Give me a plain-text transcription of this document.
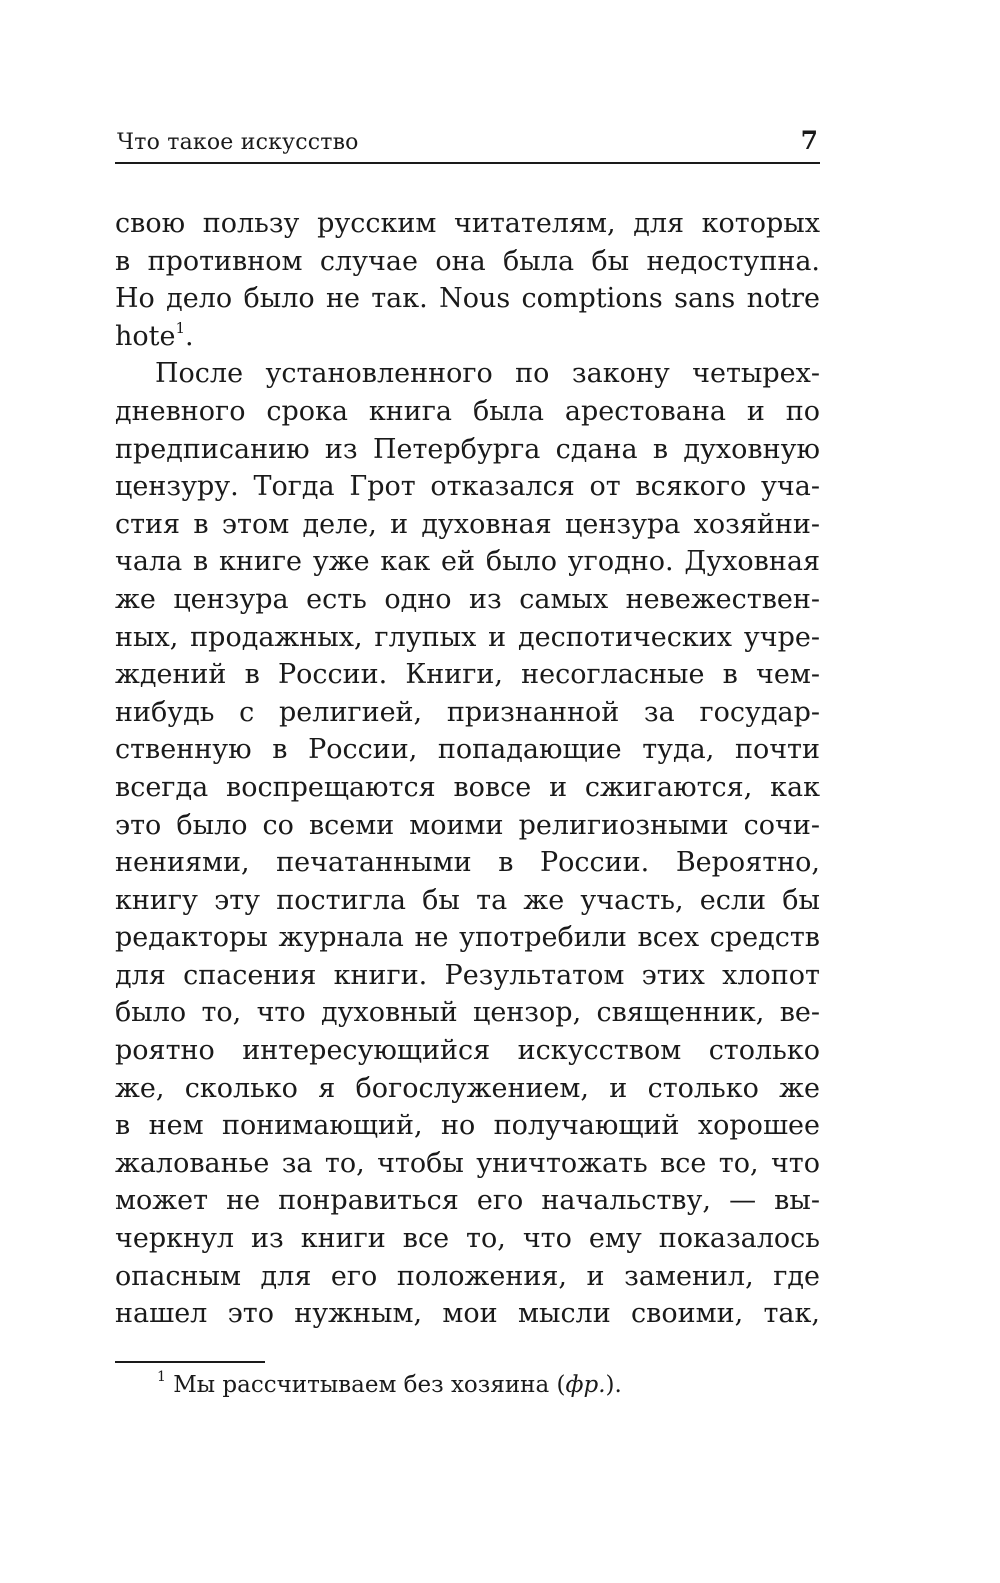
Что такое искусство	7
свою пользу русским читателям, для которых
в противном случае она была бы недоступна.
Но дело было не так. Nous comptions sans notre
hote$^1$.
После установленного по закону четырех-
дневного срока книга была арестована и по
предписанию из Петербурга сдана в духовную
цензуру. Тогда Грот отказался от всякого уча-
стия в этом деле, и духовная цензура хозяйни-
чала в книге уже как ей было угодно. Духовная
же цензура есть одно из самых невежествен-
ных, продажных, глупых и деспотических учре-
ждений в России. Книги, несогласные в чем-
нибудь с религией, признанной за государ-
ственную в России, попадающие туда, почти
всегда воспрещаются вовсе и сжигаются, как
это было со всеми моими религиозными сочи-
нениями, печатанными в России. Вероятно,
книгу эту постигла бы та же участь, если бы
редакторы журнала не употребили всех средств
для спасения книги. Результатом этих хлопот
было то, что духовный цензор, священник, ве-
роятно интересующийся искусством столько
же, сколько я богослужением, и столько же
в нем понимающий, но получающий хорошее
жалованье за то, чтобы уничтожать все то, что
может не понравиться его начальству, — вы-
черкнул из книги все то, что ему показалось
опасным для его положения, и заменил, где
нашел это нужным, мои мысли своими, так,
$^1$ Мы рассчитываем без хозяина (фр.).
